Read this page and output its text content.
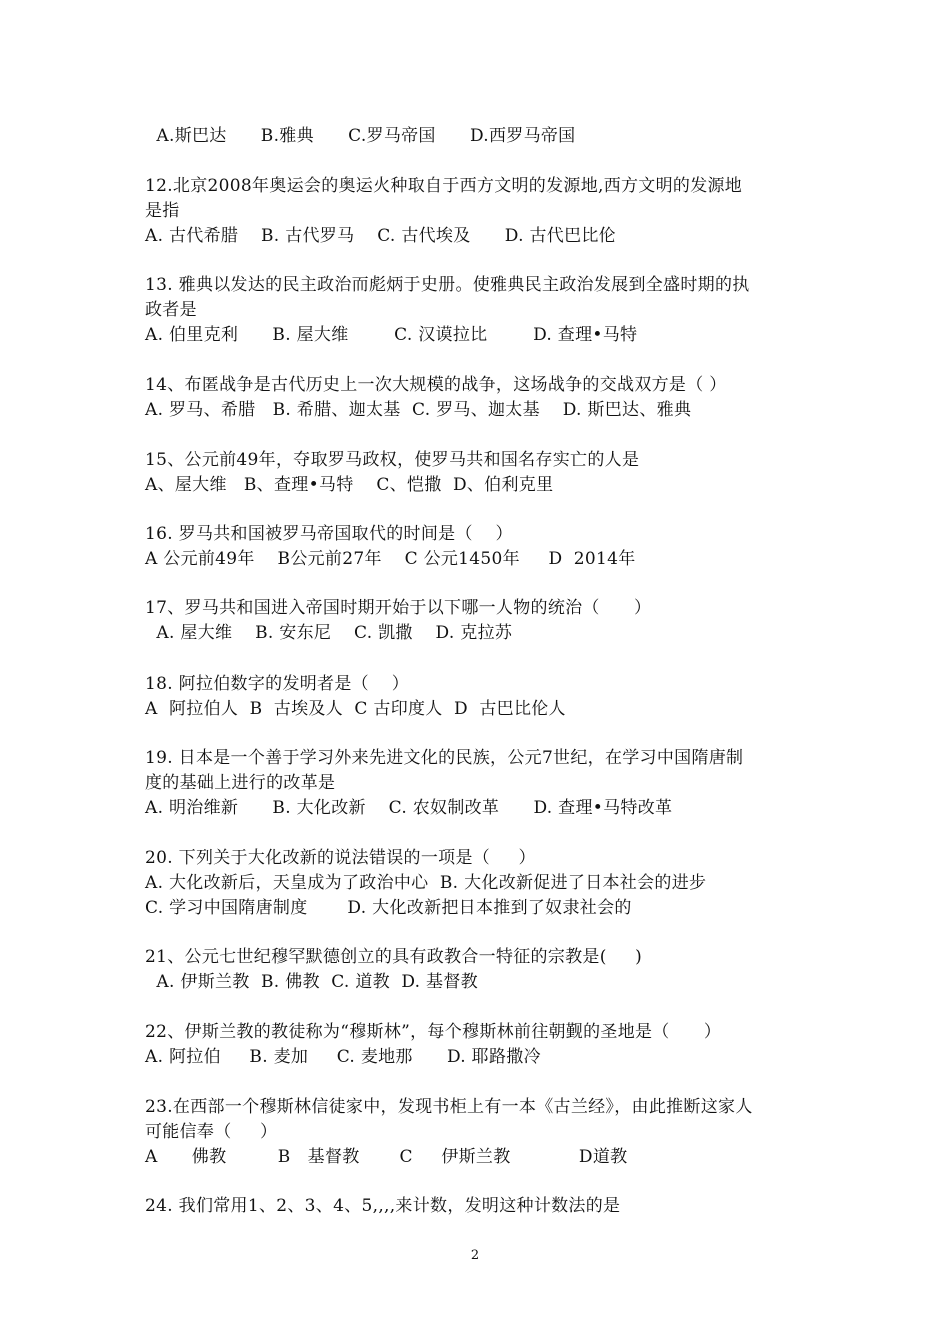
A.斯巴达      B.雅典      C.罗马帝国      D.西罗马帝国
12.北京2008年奥运会的奥运火种取自于西方文明的发源地,西方文明的发源地
是指
A. 古代希腊    B. 古代罗马    C. 古代埃及      D. 古代巴比伦
13. 雅典以发达的民主政治而彪炳于史册。使雅典民主政治发展到全盛时期的执
政者是
A. 伯里克利      B. 屋大维        C. 汉谟拉比        D. 查理•马特
14、布匿战争是古代历史上一次大规模的战争，这场战争的交战双方是（ ）
A. 罗马、希腊   B. 希腊、迦太基  C. 罗马、迦太基    D. 斯巴达、雅典
15、公元前49年，夺取罗马政权，使罗马共和国名存实亡的人是
A、屋大维   B、查理•马特    C、恺撒  D、伯利克里
16. 罗马共和国被罗马帝国取代的时间是（    ）
A 公元前49年    B公元前27年    C 公元1450年     D  2014年
17、罗马共和国进入帝国时期开始于以下哪一人物的统治（      ）
A. 屋大维    B. 安东尼    C. 凯撒    D. 克拉苏
18. 阿拉伯数字的发明者是（    ）
A  阿拉伯人  B  古埃及人  C 古印度人  D  古巴比伦人
19. 日本是一个善于学习外来先进文化的民族，公元7世纪，在学习中国隋唐制
度的基础上进行的改革是
A. 明治维新      B. 大化改新    C. 农奴制改革      D. 查理•马特改革
20. 下列关于大化改新的说法错误的一项是（     ）
A. 大化改新后，天皇成为了政治中心  B. 大化改新促进了日本社会的进步
C. 学习中国隋唐制度       D. 大化改新把日本推到了奴隶社会的
21、公元七世纪穆罕默德创立的具有政教合一特征的宗教是(     )
A. 伊斯兰教  B. 佛教  C. 道教  D. 基督教
22、伊斯兰教的教徒称为“穆斯林”，每个穆斯林前往朝觐的圣地是（      ）
A. 阿拉伯     B. 麦加     C. 麦地那      D. 耶路撒冷
23.在西部一个穆斯林信徒家中，发现书柜上有一本《古兰经》，由此推断这家人
可能信奉（     ）
A      佛教         B   基督教       C     伊斯兰教            D道教
24. 我们常用1、2、3、4、5,,,,来计数，发明这种计数法的是
2
